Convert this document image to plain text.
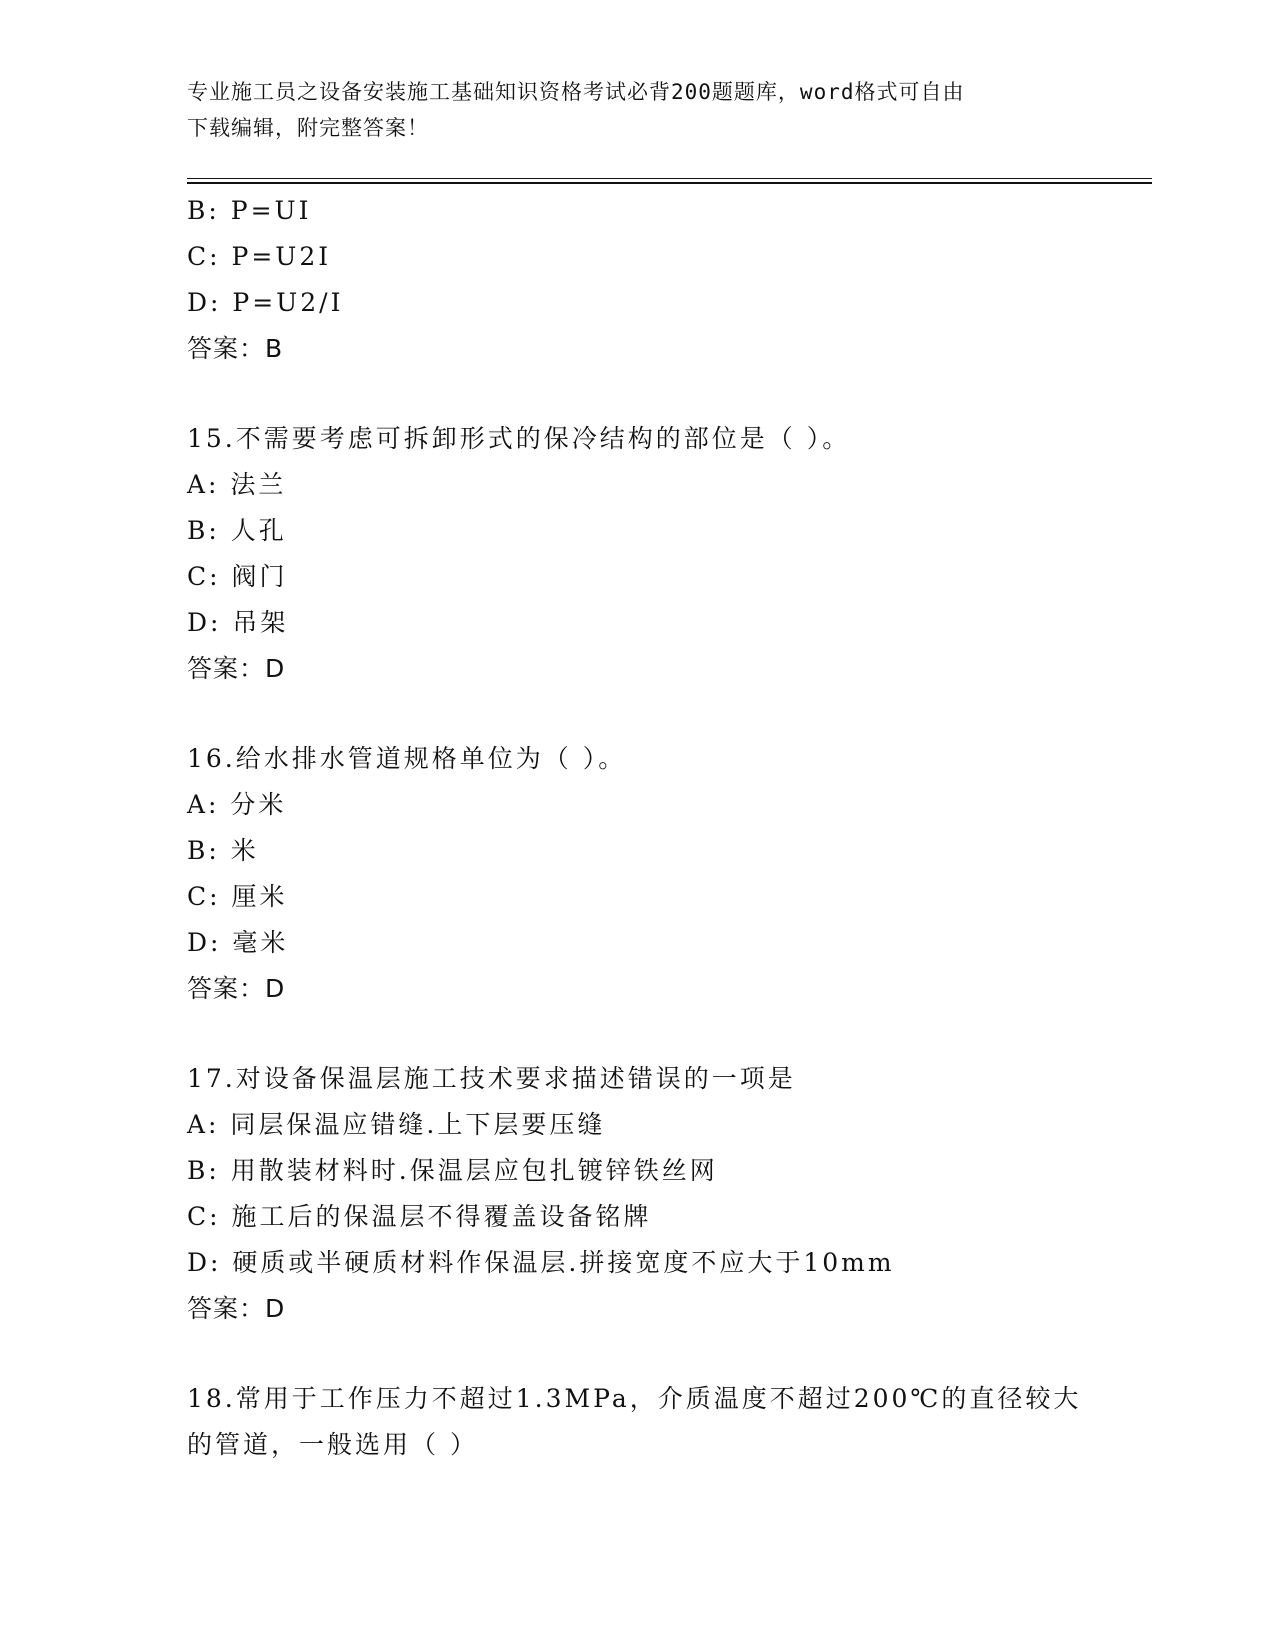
专业施工员之设备安装施工基础知识资格考试必背200题题库，word格式可自由
下载编辑，附完整答案！
B: P=UI
C: P=U2I
D: P=U2/I
答案：B
15.不需要考虑可拆卸形式的保冷结构的部位是（ ）。
A: 法兰
B: 人孔
C: 阀门
D: 吊架
答案：D
16.给水排水管道规格单位为（ ）。
A: 分米
B: 米
C: 厘米
D: 毫米
答案：D
17.对设备保温层施工技术要求描述错误的一项是
A: 同层保温应错缝.上下层要压缝
B: 用散装材料时.保温层应包扎镀锌铁丝网
C: 施工后的保温层不得覆盖设备铭牌
D: 硬质或半硬质材料作保温层.拼接宽度不应大于10mm
答案：D
18.常用于工作压力不超过1.3MPa，介质温度不超过200℃的直径较大的管道，一般选用（ ）
